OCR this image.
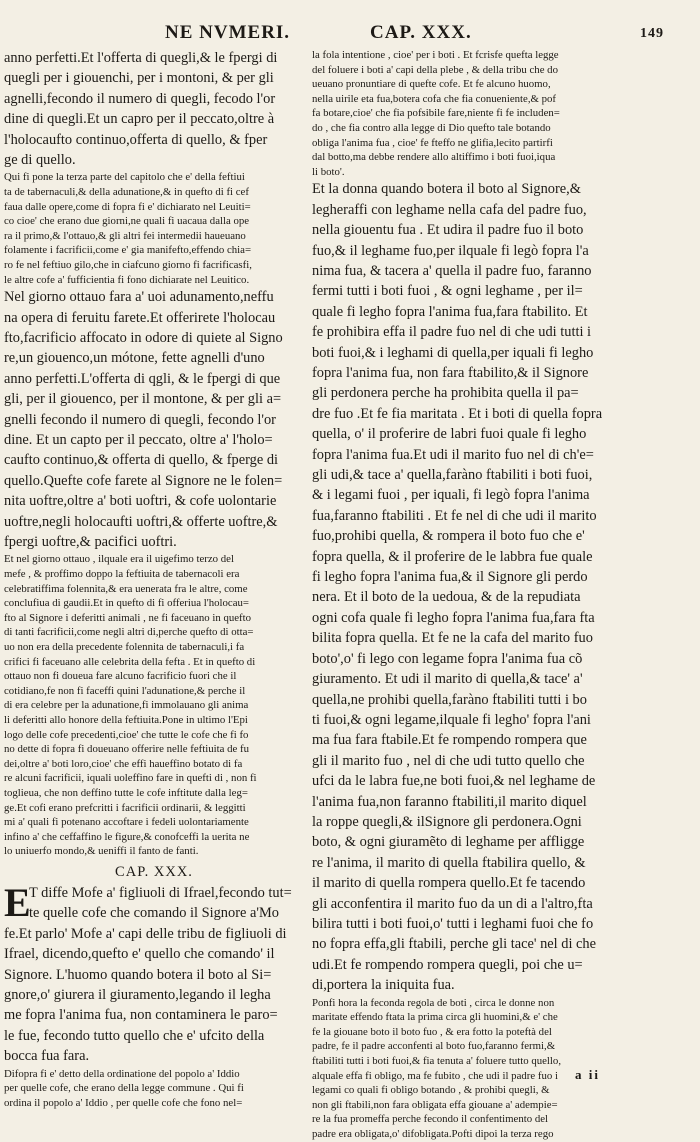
NE NVMERI.	CAP. XXX.	149
anno perfetti.Et l'offerta di quegli,& le fpergi di
quegli per i giouenchi, per i montoni, & per gli
agnelli,fecondo il numero di quegli, fecodo l'or
dine di quegli.Et un capro per il peccato,oltre à
l'holocaufto continuo,offerta di quello, & fper
ge di quello.
Qui fi pone la terza parte del capitolo che e' della feftiui
ta de tabernaculi,& della adunatione,& in quefto di fi cef
faua dalle opere,come di fopra fi e' dichiarato nel Leuiti=
co cioe' che erano due giorni,ne quali fi uacaua dalla ope
ra il primo,& l'ottauo,& gli altri fei intermedii haueuano
folamente i facrificii,come e' gia manifefto,effendo chia=
ro fe nel feftiuo gilo,che in ciafcuno giorno fi facrificasfi,
le altre cofe a' fufficientia fi fono dichiarate nel Leuitico.
Nel giorno ottauo fara a' uoi adunamento,neffu
na opera di feruitu farete.Et offerirete l'holocau
fto,facrificio affocato in odore di quiete al Signo
re,un giouenco,un mótone, fette agnelli d'uno
anno perfetti.L'offerta di qgli, & le fpergi di que
gli, per il giouenco, per il montone, & per gli a=
gnelli fecondo il numero di quegli, fecondo l'or
dine. Et un capto per il peccato, oltre a' l'holo=
caufto continuo,& offerta di quello, & fperge di
quello.Quefte cofe farete al Signore ne le folen=
nita uoftre,oltre a' boti uoftri, & cofe uolontarie
uoftre,negli holocaufti uoftri,& offerte uoftre,&
fpergi uoftre,& pacifici uoftri.
Et nel giorno ottauo , ilquale era il uigefimo terzo del
mefe , & proffimo doppo la feftiuita de tabernacoli era
celebratiffima folennita,& era uenerata fra le altre, come
conclufiua di gaudii.Et in quefto di fi offeriua l'holocau=
fto al Signore i deferitti animali , ne fi faceuano in quefto
di tanti facrificii,come negli altri di,perche quefto di otta=
uo non era della precedente folennita de tabernaculi,i fa
crifici fi faceuano alle celebrita della fefta . Et in quefto di
ottauo non fi doueua fare alcuno facrificio fuori che il
cotidiano,fe non fi faceffi quini l'adunatione,& perche il
di era celebre per la adunatione,fi immolauano gli anima
li deferitti allo honore della feftiuita.Pone in ultimo l'Epi
logo delle cofe precedenti,cioe' che tutte le cofe che fi fo
no dette di fopra fi doueuano offerire nelle feftiuita de fu
dei,oltre a' boti loro,cioe' che effi haueffino botato di fa
re alcuni facrificii, iquali uoleffino fare in quefti di , non fi
toglieua, che non deffino tutte le cofe inftitute dalla leg=
ge.Et cofi erano prefcritti i facrificii ordinarii, & leggitti
mi a' quali fi potenano accoftare i fedeli uolontariamente
infino a' che ceffaffino le figure,& conofceffi la uerita ne
lo uniuerfo mondo,& ueniffi il fanto de fanti.
CAP. XXX.
E
T diffe Mofe a' figliuoli di Ifrael,fecondo tut=
te quelle cofe che comando il Signore a'Mo
fe.Et parlo' Mofe a' capi delle tribu de figliuoli di
Ifrael, dicendo,quefto e' quello che comando' il
Signore. L'huomo quando botera il boto al Si=
gnore,o' giurera il giuramento,legando il legha
me fopra l'anima fua, non contaminera le paro=
le fue, fecondo tutto quello che e' ufcito della
bocca fua fara.
Difopra fi e' detto della ordinatione del popolo a' Iddio
per quelle cofe, che erano della legge commune . Qui fi
ordina il popolo a' Iddio , per quelle cofe che fono nel=
la fola intentione , cioe' per i boti . Et fcrisfe quefta legge
del foluere i boti a' capi della plebe , & della tribu che do
ueuano pronuntiare di quefte cofe. Et fe alcuno huomo,
nella uirile eta fua,botera cofa che fia conueniente,& pof
fa botare,cioe' che fia pofsibile fare,niente fi fe includen=
do , che fia contro alla legge di Dio quefto tale botando
obliga l'anima fua , cioe' fe fteffo ne glifia,lecito partirfi
dal botto,ma debbe rendere allo altiffimo i boti fuoi,iqua
li boto'.
Et la donna quando botera il boto al Signore,&
legheraffi con leghame nella cafa del padre fuo,
nella giouentu fua . Et udira il padre fuo il boto
fuo,& il leghame fuo,per ilquale fi legò fopra l'a
nima fua, & tacera a' quella il padre fuo, faranno
fermi tutti i boti fuoi , & ogni leghame , per il=
quale fi legho fopra l'anima fua,fara ftabilito. Et
fe prohibira effa il padre fuo nel di che udi tutti i
boti fuoi,& i leghami di quella,per iquali fi legho
fopra l'anima fua, non fara ftabilito,& il Signore
gli perdonera perche ha prohibita quella il pa=
dre fuo .Et fe fia maritata . Et i boti di quella fopra
quella, o' il proferire de labri fuoi quale fi legho
fopra l'anima fua.Et udi il marito fuo nel di ch'e=
gli udi,& tace a' quella,faràno ftabiliti i boti fuoi,
& i legami fuoi , per iquali, fi legò fopra l'anima
fua,faranno ftabiliti . Et fe nel di che udi il marito
fuo,prohibi quella, & rompera il boto fuo che e'
fopra quella, & il proferire de le labbra fue quale
fi legho fopra l'anima fua,& il Signore gli perdo
nera. Et il boto de la uedoua, & de la repudiata
ogni cofa quale fi legho fopra l'anima fua,fara fta
bilita fopra quella. Et fe ne la cafa del marito fuo
boto',o' fi lego con legame fopra l'anima fua cõ
giuramento. Et udi il marito di quella,& tace' a'
quella,ne prohibi quella,faràno ftabiliti tutti i bo
ti fuoi,& ogni legame,ilquale fi legho' fopra l'ani
ma fua fara ftabile.Et fe rompendo rompera que
gli il marito fuo , nel di che udi tutto quello che
ufci da le labra fue,ne boti fuoi,& nel leghame de
l'anima fua,non faranno ftabiliti,il marito diquel
la roppe quegli,& ilSignore gli perdonera.Ogni
boto, & ogni giuramẽto di leghame per affligge
re l'anima, il marito di quella ftabilira quello, &
il marito di quella rompera quello.Et fe tacendo
gli acconfentira il marito fuo da un di a l'altro,fta
bilira tutti i boti fuoi,o' tutti i leghami fuoi che fo
no fopra effa,gli ftabili, perche gli tace' nel di che
udi.Et fe rompendo rompera quegli, poi che u=
di,portera la iniquita fua.
Ponfi hora la feconda regola de boti , circa le donne non
maritate effendo ftata la prima circa gli huomini,& e' che
fe la giouane boto il boto fuo , & era fotto la poteftà del
padre, fe il padre acconfenti al boto fuo,faranno fermi,&
ftabiliti tutti i boti fuoi,& fia tenuta a' foluere tutto quello,
alquale effa fi obligo, ma fe fubito , che udi il padre fuo i
legami co quali fi obligo botando , & prohibi quegli, &
non gli ftabili,non fara obligata effa giouane a' adempie=
re la fua promeffa perche fecondo il confentimento del
padre era obligata,o' difobligata.Pofti dipoi la terza rego
a ii
